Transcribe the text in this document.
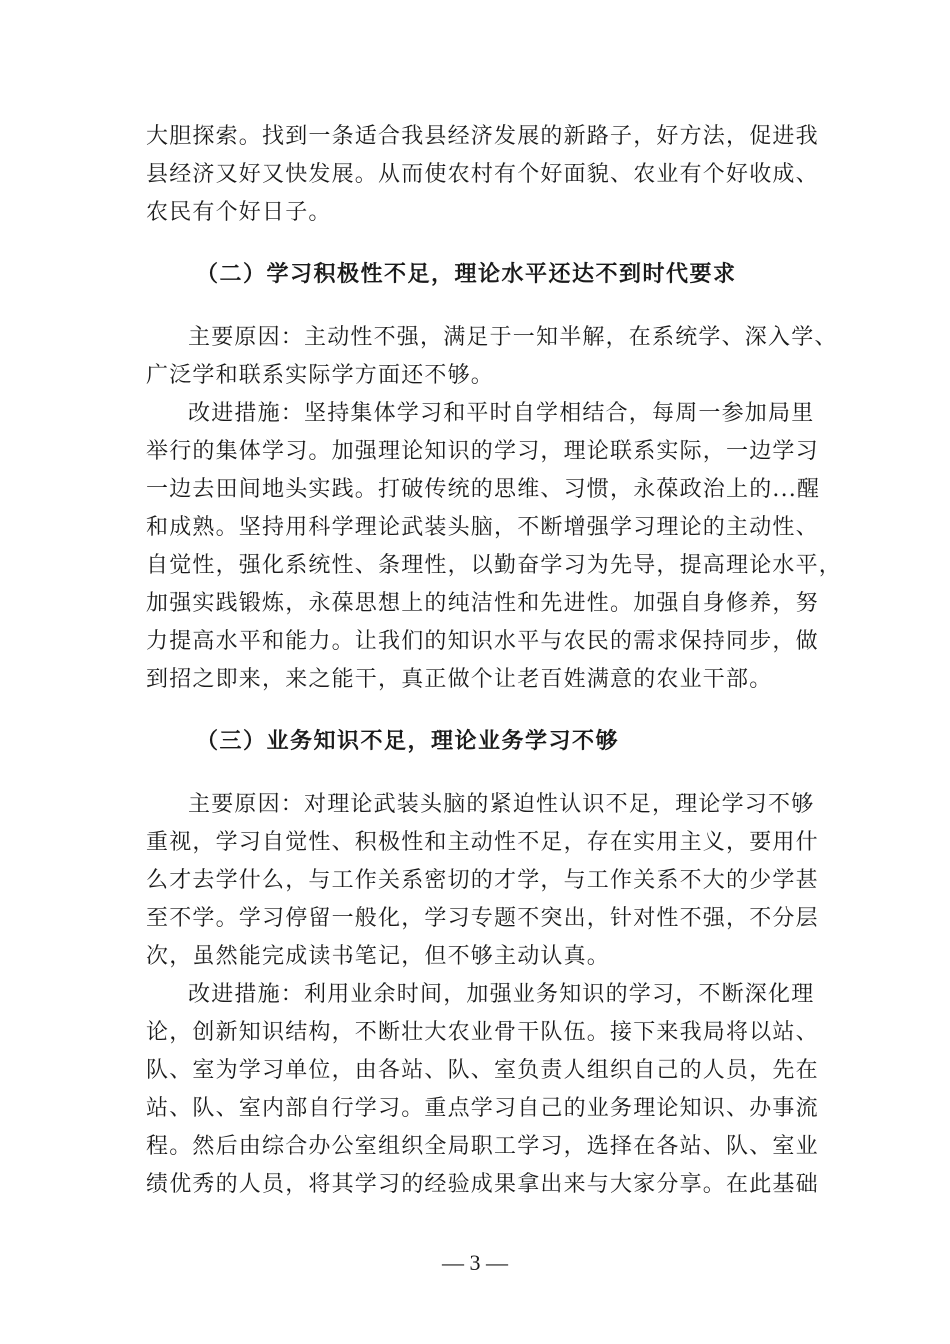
大胆探索。找到一条适合我县经济发展的新路子，好方法，促进我
县经济又好又快发展。从而使农村有个好面貌、农业有个好收成、
农民有个好日子。
（二）学习积极性不足，理论水平还达不到时代要求
主要原因：主动性不强，满足于一知半解，在系统学、深入学、
广泛学和联系实际学方面还不够。
改进措施：坚持集体学习和平时自学相结合，每周一参加局里
举行的集体学习。加强理论知识的学习，理论联系实际，一边学习
一边去田间地头实践。打破传统的思维、习惯，永葆政治上的...醒
和成熟。坚持用科学理论武装头脑，不断增强学习理论的主动性、
自觉性，强化系统性、条理性，以勤奋学习为先导，提高理论水平，
加强实践锻炼，永葆思想上的纯洁性和先进性。加强自身修养，努
力提高水平和能力。让我们的知识水平与农民的需求保持同步，做
到招之即来，来之能干，真正做个让老百姓满意的农业干部。
（三）业务知识不足，理论业务学习不够
主要原因：对理论武装头脑的紧迫性认识不足，理论学习不够
重视，学习自觉性、积极性和主动性不足，存在实用主义，要用什
么才去学什么，与工作关系密切的才学，与工作关系不大的少学甚
至不学。学习停留一般化，学习专题不突出，针对性不强，不分层
次，虽然能完成读书笔记，但不够主动认真。
改进措施：利用业余时间，加强业务知识的学习，不断深化理
论，创新知识结构，不断壮大农业骨干队伍。接下来我局将以站、
队、室为学习单位，由各站、队、室负责人组织自己的人员，先在
站、队、室内部自行学习。重点学习自己的业务理论知识、办事流
程。然后由综合办公室组织全局职工学习，选择在各站、队、室业
绩优秀的人员，将其学习的经验成果拿出来与大家分享。在此基础
— 3 —
